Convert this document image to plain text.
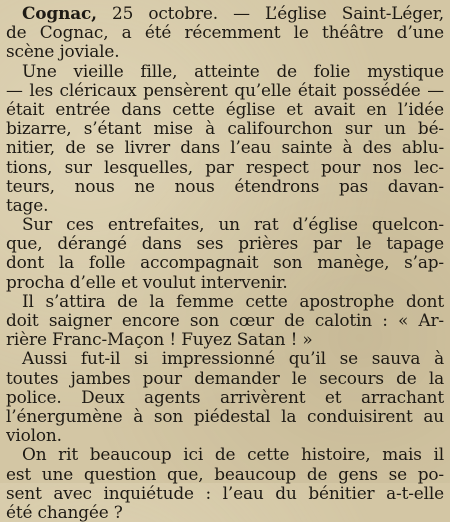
Cognac, 25 octobre. — L’église Saint-Léger,
de Cognac, a été récemment le théâtre d’une
scène joviale.
Une vieille fille, atteinte de folie mystique
— les cléricaux pensèrent qu’elle était possédée —
était entrée dans cette église et avait en l’idée
bizarre, s’étant mise à califourchon sur un bé-
nitier, de se livrer dans l’eau sainte à des ablu-
tions, sur lesquelles, par respect pour nos lec-
teurs, nous ne nous étendrons pas davan-
tage.
Sur ces entrefaites, un rat d’église quelcon-
que, dérangé dans ses prières par le tapage
dont la folle accompagnait son manège, s’ap-
procha d’elle et voulut intervenir.
Il s’attira de la femme cette apostrophe dont
doit saigner encore son cœur de calotin : « Ar-
rière Franc-Maçon ! Fuyez Satan ! »
Aussi fut-il si impressionné qu’il se sauva à
toutes jambes pour demander le secours de la
police. Deux agents arrivèrent et arrachant
l’énergumène à son piédestal la conduisirent au
violon.
On rit beaucoup ici de cette histoire, mais il
est une question que, beaucoup de gens se po-
sent avec inquiétude : l’eau du bénitier a-t-elle
été changée ?
